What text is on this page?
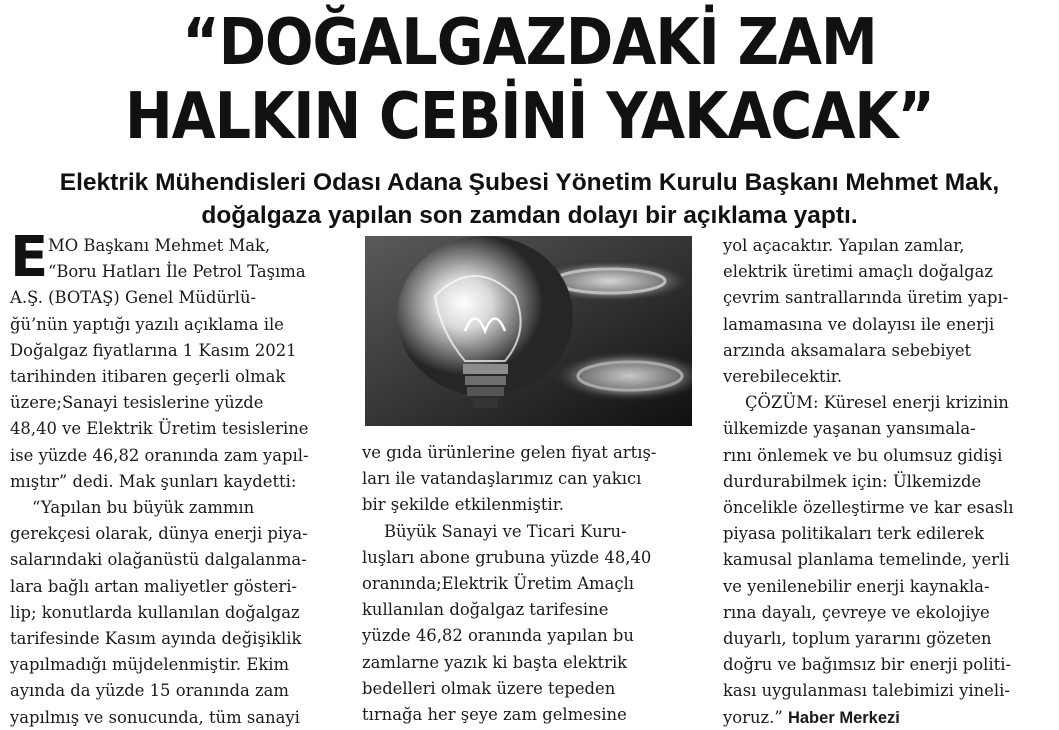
“DOĞALGAZDAKİ ZAM
HALKIN CEBİNİ YAKACAK”
Elektrik Mühendisleri Odası Adana Şubesi Yönetim Kurulu Başkanı Mehmet Mak,
doğalgaza yapılan son zamdan dolayı bir açıklama yaptı.
E MO Başkanı Mehmet Mak,
“Boru Hatları İle Petrol Taşıma
A.Ş. (BOTAŞ) Genel Müdürlü-
ğü’nün yaptığı yazılı açıklama ile
Doğalgaz fiyatlarına 1 Kasım 2021
tarihinden itibaren geçerli olmak
üzere;Sanayi tesislerine yüzde
48,40 ve Elektrik Üretim tesislerine
ise yüzde 46,82 oranında zam yapıl-
mıştır” dedi. Mak şunları kaydetti:
“Yapılan bu büyük zammın
gerekçesi olarak, dünya enerji piya-
salarındaki olağanüstü dalgalanma-
lara bağlı artan maliyetler gösteri-
lip; konutlarda kullanılan doğalgaz
tarifesinde Kasım ayında değişiklik
yapılmadığı müjdelenmiştir. Ekim
ayında da yüzde 15 oranında zam
yapılmış ve sonucunda, tüm sanayi
ve gıda ürünlerine gelen fiyat artış-
ları ile vatandaşlarımız can yakıcı
bir şekilde etkilenmiştir.
Büyük Sanayi ve Ticari Kuru-
luşları abone grubuna yüzde 48,40
oranında;Elektrik Üretim Amaçlı
kullanılan doğalgaz tarifesine
yüzde 46,82 oranında yapılan bu
zamlarne yazık ki başta elektrik
bedelleri olmak üzere tepeden
tırnağa her şeye zam gelmesine
yol açacaktır. Yapılan zamlar,
elektrik üretimi amaçlı doğalgaz
çevrim santrallarında üretim yapı-
lamamasına ve dolayısı ile enerji
arzında aksamalara sebebiyet
verebilecektir.
ÇÖZÜM: Küresel enerji krizinin
ülkemizde yaşanan yansımala-
rını önlemek ve bu olumsuz gidişi
durdurabilmek için: Ülkemizde
öncelikle özelleştirme ve kar esaslı
piyasa politikaları terk edilerek
kamusal planlama temelinde, yerli
ve yenilenebilir enerji kaynakla-
rına dayalı, çevreye ve ekolojiye
duyarlı, toplum yararını gözeten
doğru ve bağımsız bir enerji politi-
kası uygulanması talebimizi yineli-
yoruz.” Haber Merkezi
